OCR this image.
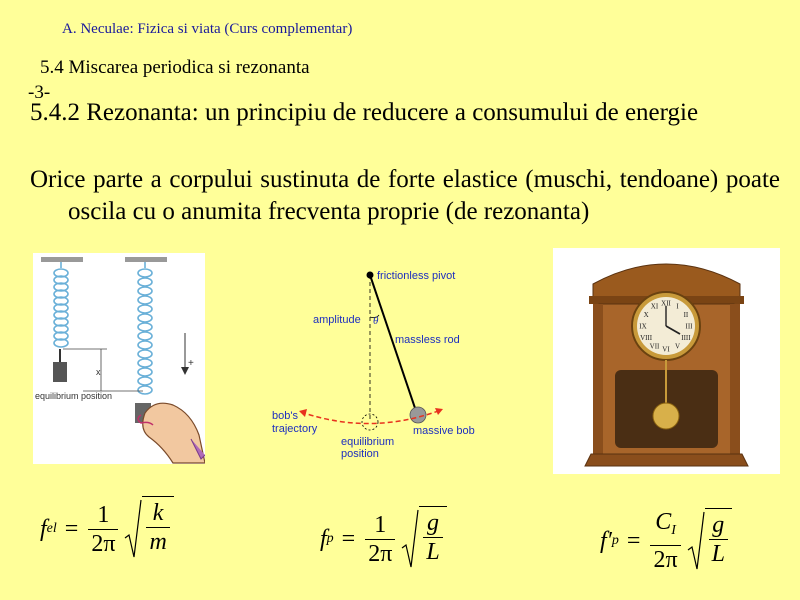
A. Neculae: Fizica si viata (Curs complementar)
5.4 Miscarea periodica si rezonanta
-3-
5.4.2 Rezonanta: un principiu de reducere a consumului de energie
Orice parte a corpului sustinuta de forte elastice (muschi, tendoane) poate oscila cu o anumita frecventa proprie (de rezonanta)
x
+
equilibrium position
frictionless pivot
amplitude θ
massless rod
bob's
trajectory
equilibrium
position
massive bob
XII I
II
III
IIII
V
VI
VII
VIII
IX
X
XI
f el = $\frac{1}{2\pi} \frac{k}{m}$	f $p = \frac{1}{2\pi} \frac{g}{L}$	f′ $p = \frac{C_I}{2\pi} \frac{g}{L}$
